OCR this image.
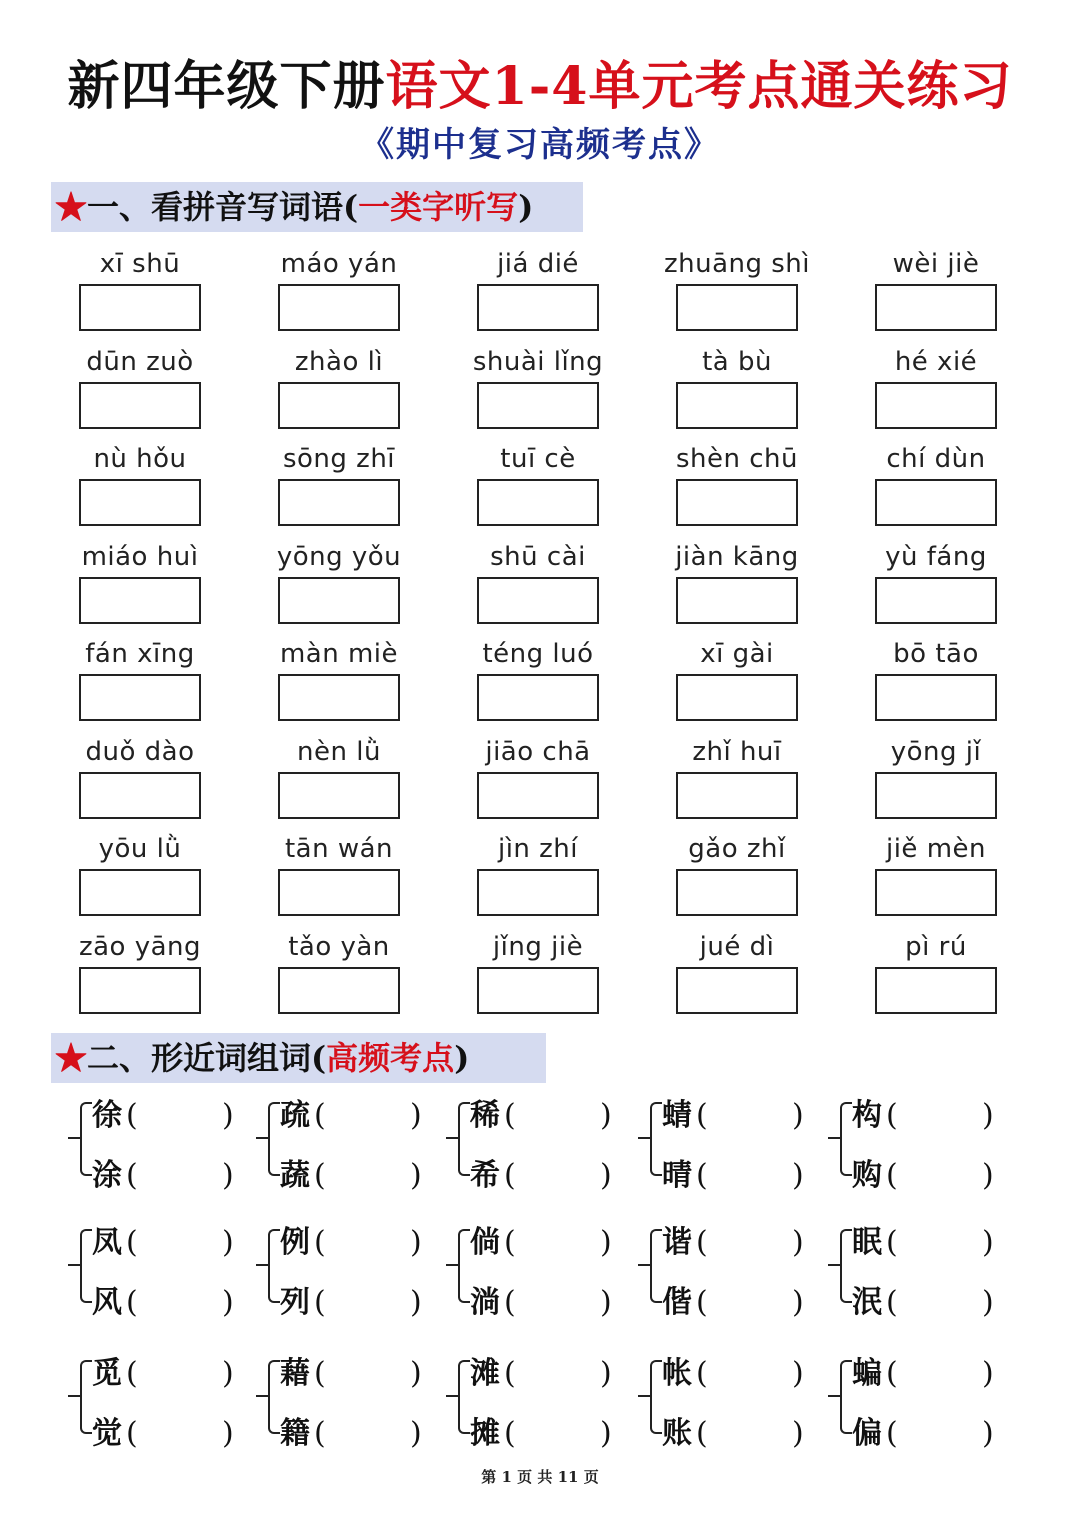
新四年级下册语文1-4单元考点通关练习
《期中复习高频考点》
★一、看拼音写词语(一类字听写)
xī shū	máo yán	jiá dié	zhuāng shì	wèi jiè
dūn zuò	zhào lì	shuài lǐng	tà bù	hé xié
nù hǒu	sōng zhī	tuī cè	shèn chū	chí dùn
miáo huì	yōng yǒu	shū cài	jiàn kāng	yù fáng
fán xīng	màn miè	téng luó	xī gài	bō tāo
duǒ dào	nèn lǜ	jiāo chā	zhǐ huī	yōng jǐ
yōu lǜ	tān wán	jìn zhí	gǎo zhǐ	jiě mèn
zāo yāng	tǎo yàn	jǐng jiè	jué dì	pì rú
★二、形近词组词(高频考点)
徐 (	)
涂 (	)
疏 (	)
蔬 (	)
稀 (	)
希 (	)
蜻 (	)
晴 (	)
构 (	)
购 (	)
凤 (	)
风 (	)
例 (	)
列 (	)
倘 (	)
淌 (	)
谐 (	)
偕 (	)
眠 (	)
泯 (	)
觅 (	)
觉 (	)
藉 (	)
籍 (	)
滩 (	)
摊 (	)
帐 (	)
账 (	)
蝙 (	)
偏 (	)
第 1 页 共 11 页
